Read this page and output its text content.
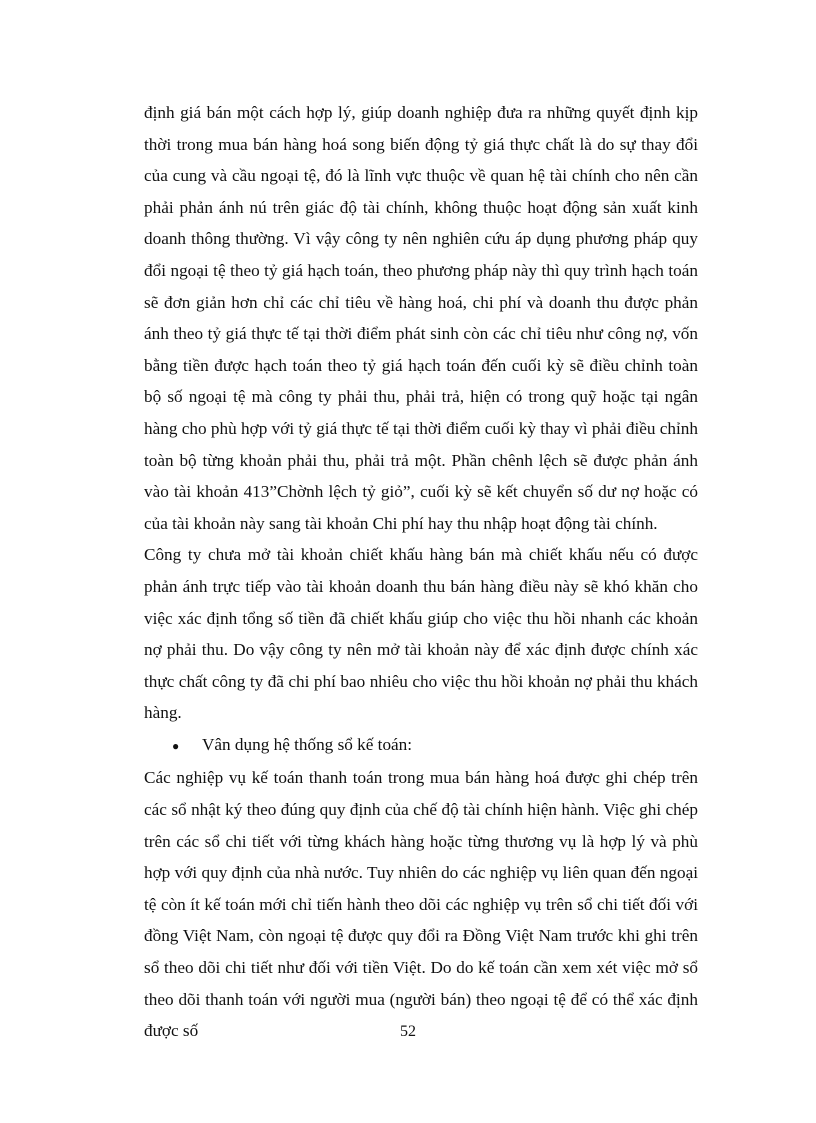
định giá bán một cách hợp lý, giúp doanh nghiệp đưa ra những quyết định kịp thời trong mua bán hàng hoá song biến động tỷ giá thực chất là do sự thay đổi của cung và cầu ngoại tệ, đó là lĩnh vực thuộc về quan hệ tài chính cho nên cần phải phản ánh nú trên giác độ tài chính, không thuộc hoạt động sản xuất kinh doanh thông thường. Vì vậy công ty nên nghiên cứu áp dụng phương pháp quy đổi ngoại tệ theo tỷ giá hạch toán, theo phương pháp này thì quy trình hạch toán sẽ đơn giản hơn chỉ các chỉ tiêu về hàng hoá, chi phí và doanh thu được phản ánh theo tỷ giá thực tế tại thời điểm phát sinh còn các chỉ tiêu như công nợ, vốn bằng tiền được hạch toán theo tỷ giá hạch toán đến cuối kỳ sẽ điều chỉnh toàn bộ số ngoại tệ mà công ty phải thu, phải trả, hiện có trong quỹ hoặc tại ngân hàng cho phù hợp với tỷ giá thực tế tại thời điểm cuối kỳ thay vì phải điều chỉnh toàn bộ từng khoản phải thu, phải trả một. Phần chênh lệch sẽ được phản ánh vào tài khoản 413”Chờnh lệch tỷ giỏ”, cuối kỳ sẽ kết chuyển số dư nợ hoặc có của tài khoản này sang tài khoản Chi phí hay thu nhập hoạt động tài chính.

Công ty chưa mở tài khoản chiết khấu hàng bán mà chiết khấu nếu có được phản ánh trực tiếp vào tài khoản doanh thu bán hàng điều này sẽ khó khăn cho việc xác định tổng số tiền đã chiết khấu giúp cho việc thu hồi nhanh các khoản nợ phải thu. Do vậy công ty nên mở tài khoản này để xác định được chính xác thực chất công ty đã chi phí bao nhiêu cho việc thu hồi khoản nợ phải thu khách hàng.

●	Vân dụng hệ thống sổ kế toán:

Các nghiệp vụ kế toán thanh toán trong mua bán hàng hoá được ghi chép trên các sổ nhật ký theo đúng quy định của chế độ tài chính hiện hành. Việc ghi chép trên các sổ chi tiết với từng khách hàng hoặc từng thương vụ là hợp lý và phù hợp với quy định của nhà nước. Tuy nhiên do các nghiệp vụ liên quan đến ngoại tệ còn ít kế toán mới chỉ tiến hành theo dõi các nghiệp vụ trên sổ chi tiết đối với đồng Việt Nam, còn ngoại tệ được quy đổi ra Đồng Việt Nam trước khi ghi trên sổ theo dõi chi tiết như đối với tiền Việt. Do do kế toán cần xem xét việc mở sổ theo dõi thanh toán với người mua (người bán) theo ngoại tệ để có thể xác định được số	52
